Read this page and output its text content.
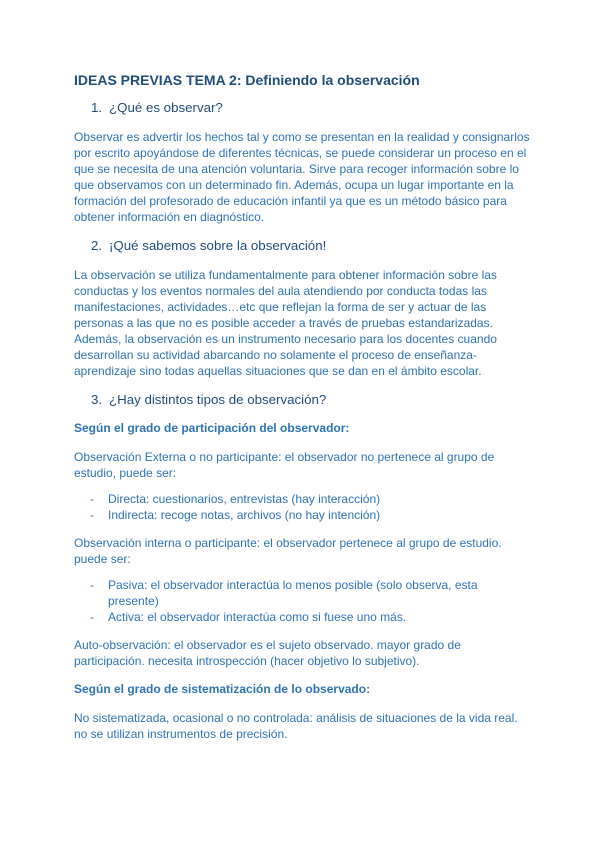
IDEAS PREVIAS TEMA 2: Definiendo la observación
1. ¿Qué es observar?

Observar es advertir los hechos tal y como se presentan en la realidad y consignarlos por escrito apoyándose de diferentes técnicas, se puede considerar un proceso en el que se necesita de una atención voluntaria. Sirve para recoger información sobre lo que observamos con un determinado fin. Además, ocupa un lugar importante en la formación del profesorado de educación infantil ya que es un método básico para obtener información en diagnóstico.

2. ¡Qué sabemos sobre la observación!

La observación se utiliza fundamentalmente para obtener información sobre las conductas y los eventos normales del aula atendiendo por conducta todas las manifestaciones, actividades…etc que reflejan la forma de ser y actuar de las personas a las que no es posible acceder a través de pruebas estandarizadas. Además, la observación es un instrumento necesario para los docentes cuando desarrollan su actividad abarcando no solamente el proceso de enseñanza-aprendizaje sino todas aquellas situaciones que se dan en el ámbito escolar.

3. ¿Hay distintos tipos de observación?

Según el grado de participación del observador:

Observación Externa o no participante: el observador no pertenece al grupo de estudio, puede ser:

-	Directa: cuestionarios, entrevistas (hay interacción)
-	Indirecta: recoge notas, archivos (no hay intención)

Observación interna o participante: el observador pertenece al grupo de estudio. puede ser:

-	Pasiva: el observador interactúa lo menos posible (solo observa, esta presente)
-	Activa: el observador interactúa como si fuese uno más.

Auto-observación: el observador es el sujeto observado. mayor grado de participación. necesita introspección (hacer objetivo lo subjetivo).

Según el grado de sistematización de lo observado:

No sistematizada, ocasional o no controlada: análisis de situaciones de la vida real. no se utilizan instrumentos de precisión.
